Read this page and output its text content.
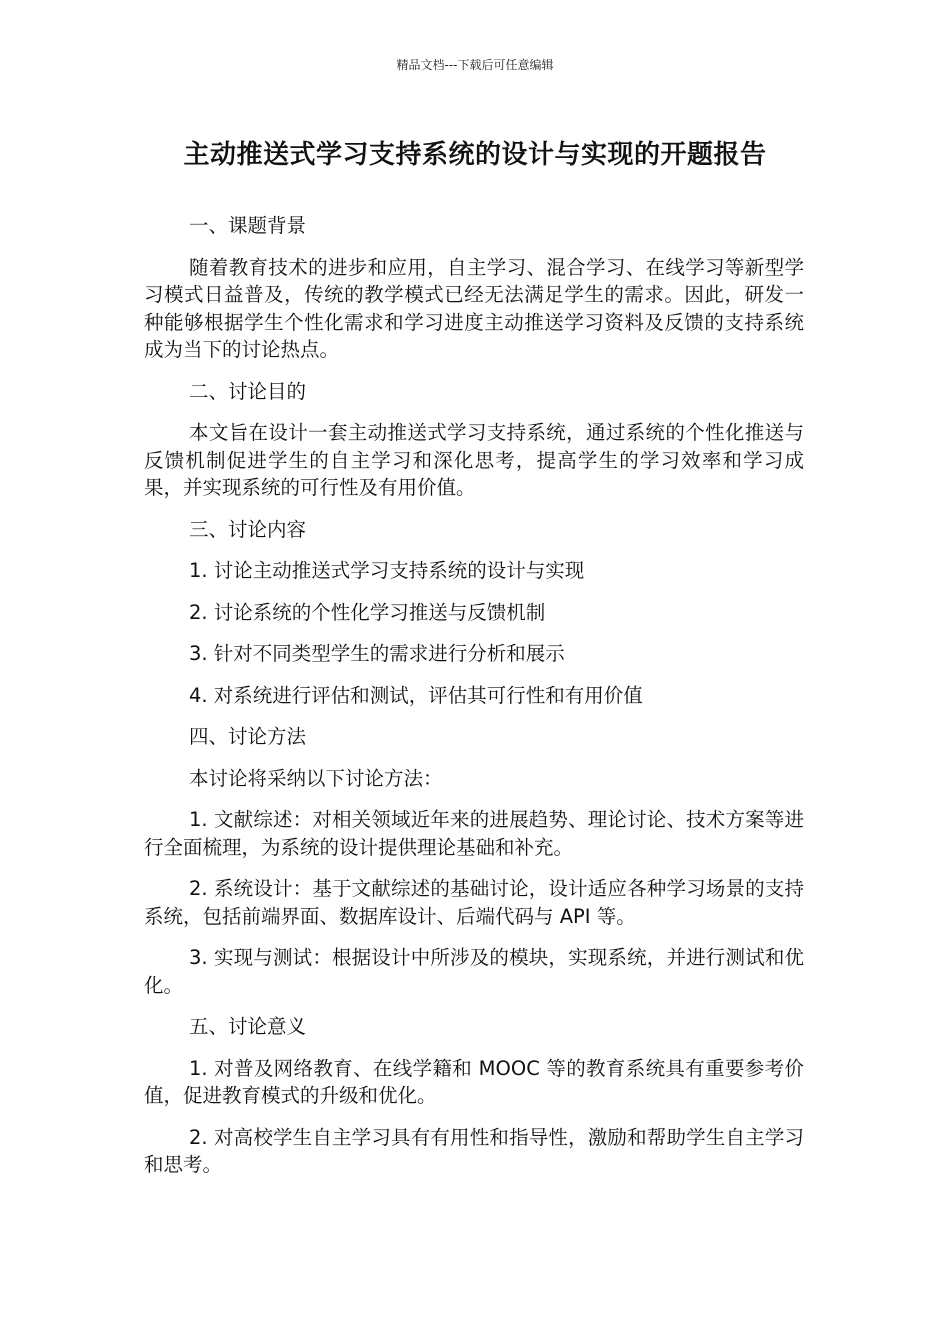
精品文档---下载后可任意编辑
主动推送式学习支持系统的设计与实现的开题报告

一、课题背景

随着教育技术的进步和应用，自主学习、混合学习、在线学习等新型学习模式日益普及，传统的教学模式已经无法满足学生的需求。因此，研发一种能够根据学生个性化需求和学习进度主动推送学习资料及反馈的支持系统成为当下的讨论热点。

二、讨论目的

本文旨在设计一套主动推送式学习支持系统，通过系统的个性化推送与反馈机制促进学生的自主学习和深化思考，提高学生的学习效率和学习成果，并实现系统的可行性及有用价值。

三、讨论内容

1. 讨论主动推送式学习支持系统的设计与实现

2. 讨论系统的个性化学习推送与反馈机制

3. 针对不同类型学生的需求进行分析和展示

4. 对系统进行评估和测试，评估其可行性和有用价值

四、讨论方法

本讨论将采纳以下讨论方法：

1. 文献综述：对相关领域近年来的进展趋势、理论讨论、技术方案等进行全面梳理，为系统的设计提供理论基础和补充。

2. 系统设计：基于文献综述的基础讨论，设计适应各种学习场景的支持系统，包括前端界面、数据库设计、后端代码与 API 等。

3. 实现与测试：根据设计中所涉及的模块，实现系统，并进行测试和优化。

五、讨论意义

1. 对普及网络教育、在线学籍和 MOOC 等的教育系统具有重要参考价值，促进教育模式的升级和优化。

2. 对高校学生自主学习具有有用性和指导性，激励和帮助学生自主学习和思考。
